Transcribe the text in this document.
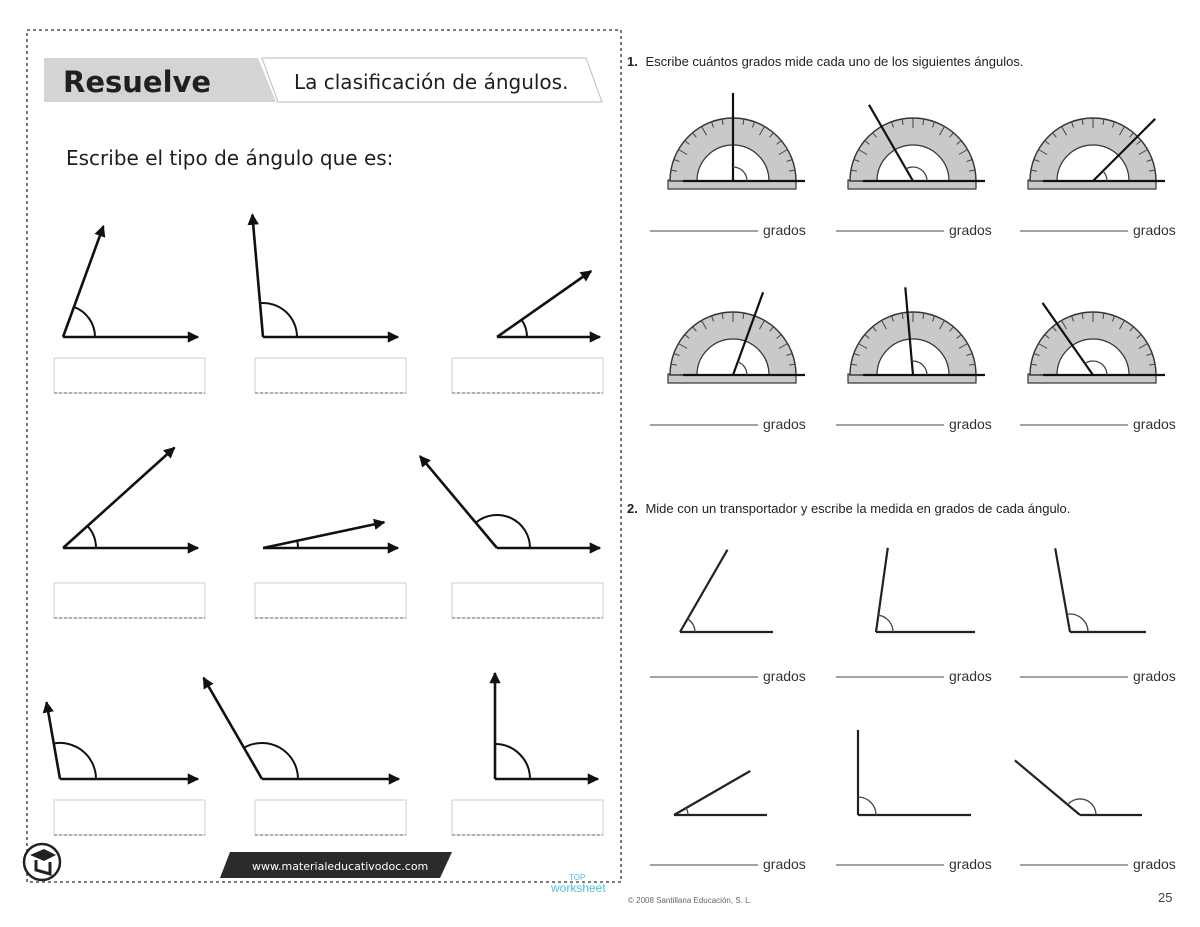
Resuelve	La clasificación de ángulos.
Escribe el tipo de ángulo que es:
www.materialeducativodoc.com
1. Escribe cuántos grados mide cada uno de los siguientes ángulos.
2. Mide con un transportador y escribe la medida en grados de cada ángulo.
grados	grados	grados
grados	grados	grados
grados	grados	grados
grados	grados	grados
© 2008 Santillana Educación, S. L.	25
TOP
worksheet
